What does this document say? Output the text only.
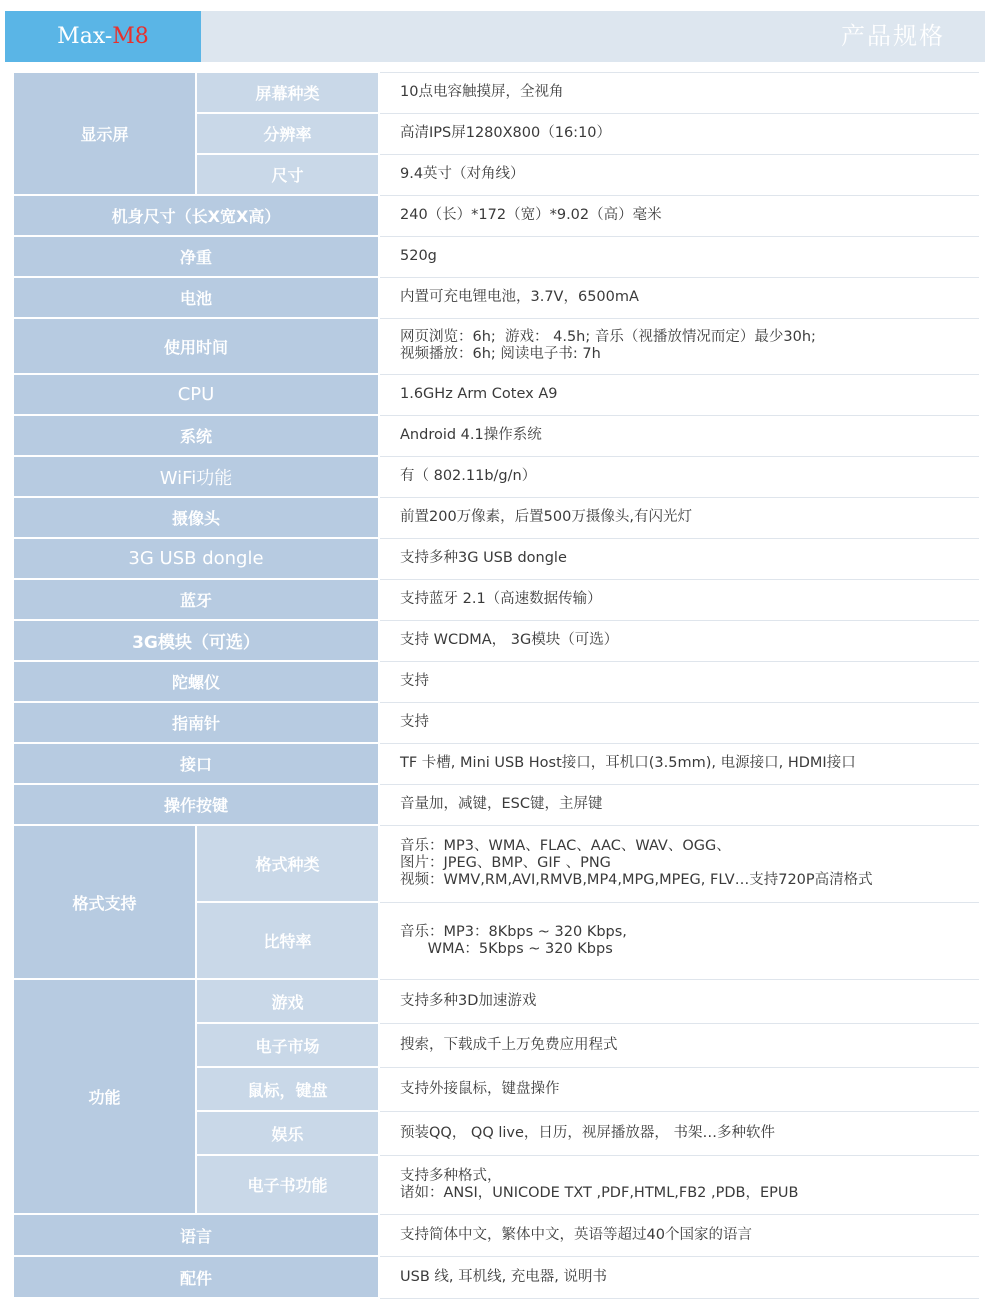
Max- M8	产品规格
显示屏	屏幕种类	10点电容触摸屏，全视角
	分辨率	高清IPS屏1280X800（16:10）
	尺寸	9.4英寸（对角线）
机身尺寸（长X宽X高）		240（长）*172（宽）*9.02（高）毫米
净重		520g
电池		内置可充电锂电池，3.7V，6500mA
使用时间		网页浏览：6h;  游戏： 4.5h; 音乐（视播放情况而定）最少30h;
视频播放：6h; 阅读电子书: 7h
CPU		1.6GHz Arm Cotex A9
系统		Android 4.1操作系统
WiFi功能		有（ 802.11b/g/n）
摄像头		前置200万像素，后置500万摄像头,有闪光灯
3G USB dongle		支持多种3G USB dongle
蓝牙		支持蓝牙 2.1（高速数据传输）
3G模块（可选）		支持 WCDMA， 3G模块（可选）
陀螺仪		支持
指南针		支持
接口		TF 卡槽, Mini USB Host接口，耳机口(3.5mm), 电源接口, HDMI接口
操作按键		音量加，减键，ESC键，主屏键
格式支持	格式种类	音乐：MP3、WMA、FLAC、AAC、WAV、OGG、
图片：JPEG、BMP、GIF 、PNG
视频：WMV,RM,AVI,RMVB,MP4,MPG,MPEG, FLV…支持720P高清格式
	比特率	音乐：MP3：8Kbps ~ 320 Kbps,
WMA：5Kbps ~ 320 Kbps
功能	游戏	支持多种3D加速游戏
	电子市场	搜索，下载成千上万免费应用程式
	鼠标，键盘	支持外接鼠标，键盘操作
	娱乐	预装QQ， QQ live，日历，视屏播放器， 书架…多种软件
	电子书功能	支持多种格式，
诸如：ANSI，UNICODE TXT ,PDF,HTML,FB2 ,PDB，EPUB
语言		支持简体中文，繁体中文，英语等超过40个国家的语言
配件		USB 线, 耳机线, 充电器, 说明书
